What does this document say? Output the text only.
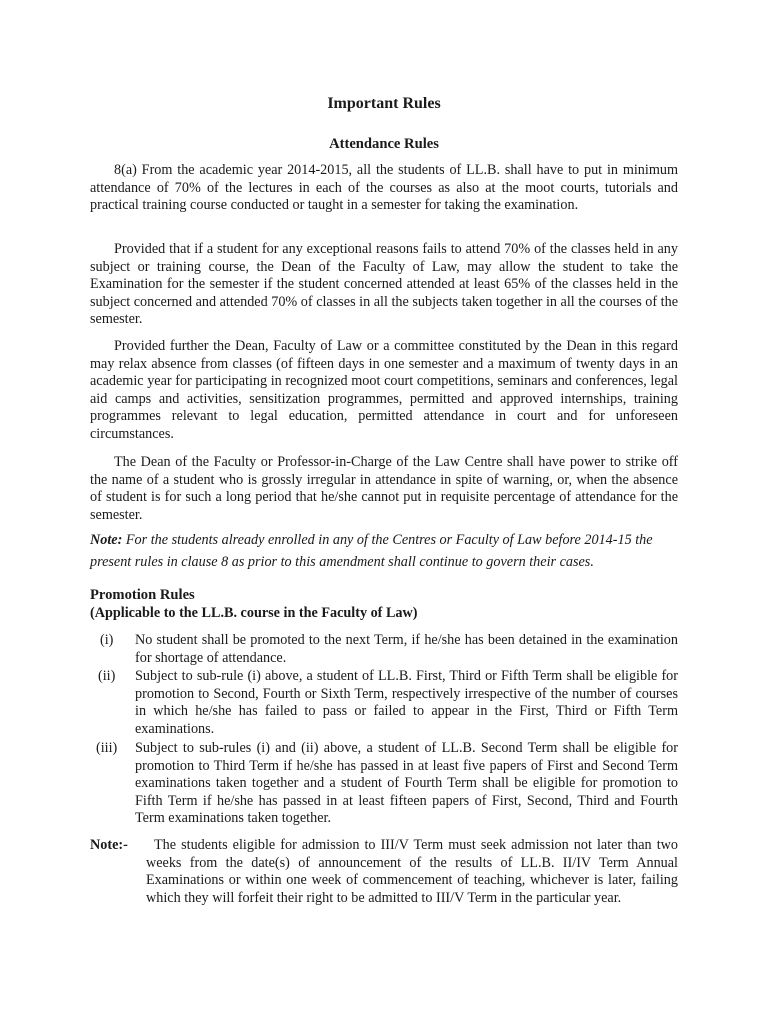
Important Rules
Attendance Rules

8(a) From the academic year 2014-2015, all the students of LL.B. shall have to put in minimum attendance of 70% of the lectures in each of the courses as also at the moot courts, tutorials and practical training course conducted or taught in a semester for taking the examination.

Provided that if a student for any exceptional reasons fails to attend 70% of the classes held in any subject or training course, the Dean of the Faculty of Law, may allow the student to take the Examination for the semester if the student concerned attended at least 65% of the classes held in the subject concerned and attended 70% of classes in all the subjects taken together in all the courses of the semester.

Provided further the Dean, Faculty of Law or a committee constituted by the Dean in this regard may relax absence from classes (of fifteen days in one semester and a maximum of twenty days in an academic year for participating in recognized moot court competitions, seminars and conferences, legal aid camps and activities, sensitization programmes, permitted and approved internships, training programmes relevant to legal education, permitted attendance in court and for unforeseen circumstances.

The Dean of the Faculty or Professor-in-Charge of the Law Centre shall have power to strike off the name of a student who is grossly irregular in attendance in spite of warning, or, when the absence of student is for such a long period that he/she cannot put in requisite percentage of attendance for the semester.

Note: For the students already enrolled in any of the Centres or Faculty of Law before 2014-15 the present rules in clause 8 as prior to this amendment shall continue to govern their cases.

Promotion Rules
(Applicable to the LL.B. course in the Faculty of Law)
(i) No student shall be promoted to the next Term, if he/she has been detained in the examination for shortage of attendance.
(ii) Subject to sub-rule (i) above, a student of LL.B. First, Third or Fifth Term shall be eligible for promotion to Second, Fourth or Sixth Term, respectively irrespective of the number of courses in which he/she has failed to pass or failed to appear in the First, Third or Fifth Term examinations.
(iii) Subject to sub-rules (i) and (ii) above, a student of LL.B. Second Term shall be eligible for promotion to Third Term if he/she has passed in at least five papers of First and Second Term examinations taken together and a student of Fourth Term shall be eligible for promotion to Fifth Term if he/she has passed in at least fifteen papers of First, Second, Third and Fourth Term examinations taken together.
Note:-	The students eligible for admission to III/V Term must seek admission not later than two weeks from the date(s) of announcement of the results of LL.B. II/IV Term Annual Examinations or within one week of commencement of teaching, whichever is later, failing which they will forfeit their right to be admitted to III/V Term in the particular year.
